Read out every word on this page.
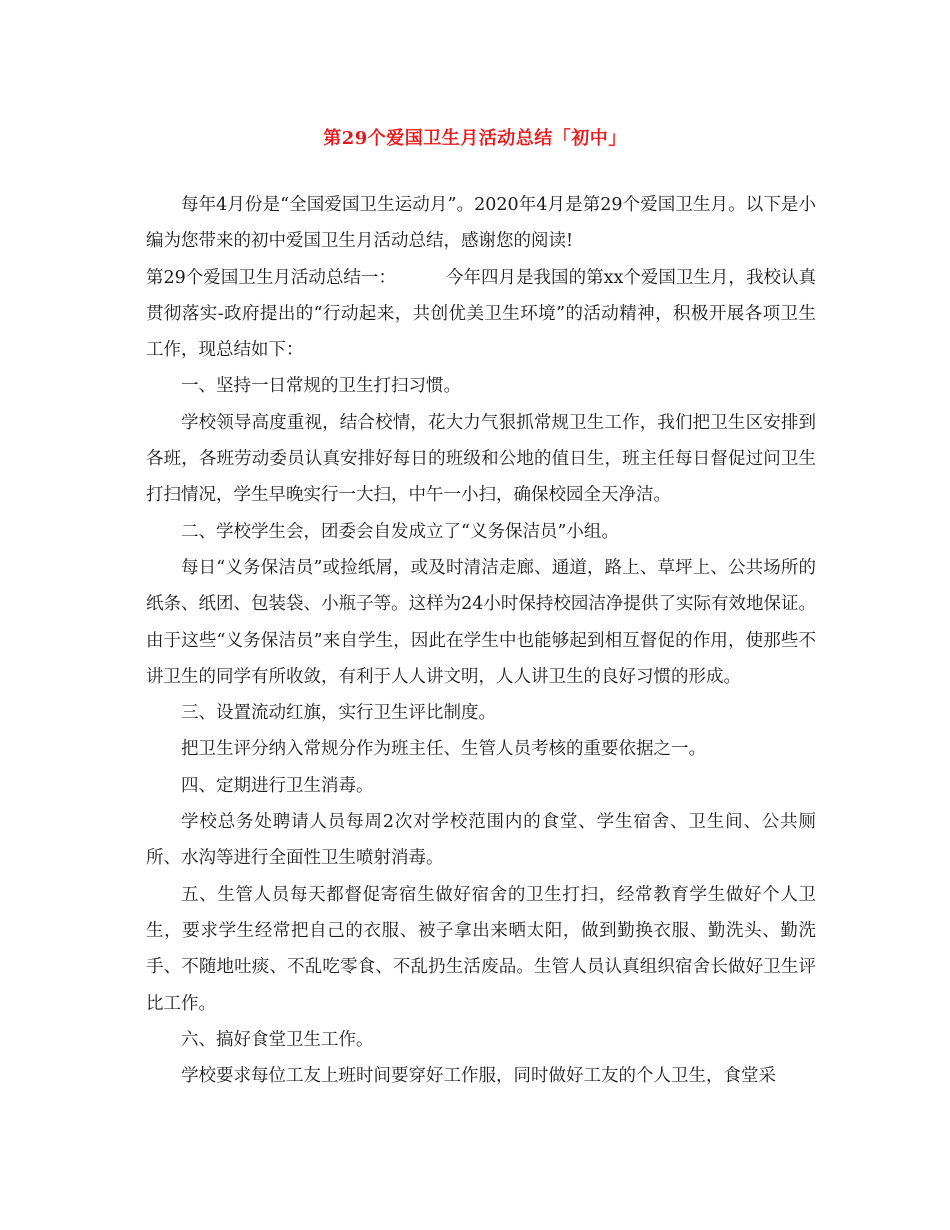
第29个爱国卫生月活动总结「初中」

每年4月份是“全国爱国卫生运动月”。2020年4月是第29个爱国卫生月。以下是小编为您带来的初中爱国卫生月活动总结，感谢您的阅读!

第29个爱国卫生月活动总结一：	今年四月是我国的第xx个爱国卫生月，我校认真贯彻落实-政府提出的“行动起来，共创优美卫生环境”的活动精神，积极开展各项卫生工作，现总结如下：

一、坚持一日常规的卫生打扫习惯。

学校领导高度重视，结合校情，花大力气狠抓常规卫生工作，我们把卫生区安排到各班，各班劳动委员认真安排好每日的班级和公地的值日生，班主任每日督促过问卫生打扫情况，学生早晚实行一大扫，中午一小扫，确保校园全天净洁。

二、学校学生会，团委会自发成立了“义务保洁员”小组。

每日“义务保洁员”或捡纸屑，或及时清洁走廊、通道，路上、草坪上、公共场所的纸条、纸团、包装袋、小瓶子等。这样为24小时保持校园洁净提供了实际有效地保证。由于这些“义务保洁员”来自学生，因此在学生中也能够起到相互督促的作用，使那些不讲卫生的同学有所收敛，有利于人人讲文明，人人讲卫生的良好习惯的形成。

三、设置流动红旗，实行卫生评比制度。

把卫生评分纳入常规分作为班主任、生管人员考核的重要依据之一。

四、定期进行卫生消毒。

学校总务处聘请人员每周2次对学校范围内的食堂、学生宿舍、卫生间、公共厕所、水沟等进行全面性卫生喷射消毒。

五、生管人员每天都督促寄宿生做好宿舍的卫生打扫，经常教育学生做好个人卫生，要求学生经常把自己的衣服、被子拿出来晒太阳，做到勤换衣服、勤洗头、勤洗手、不随地吐痰、不乱吃零食、不乱扔生活废品。生管人员认真组织宿舍长做好卫生评比工作。

六、搞好食堂卫生工作。

学校要求每位工友上班时间要穿好工作服，同时做好工友的个人卫生，食堂采
